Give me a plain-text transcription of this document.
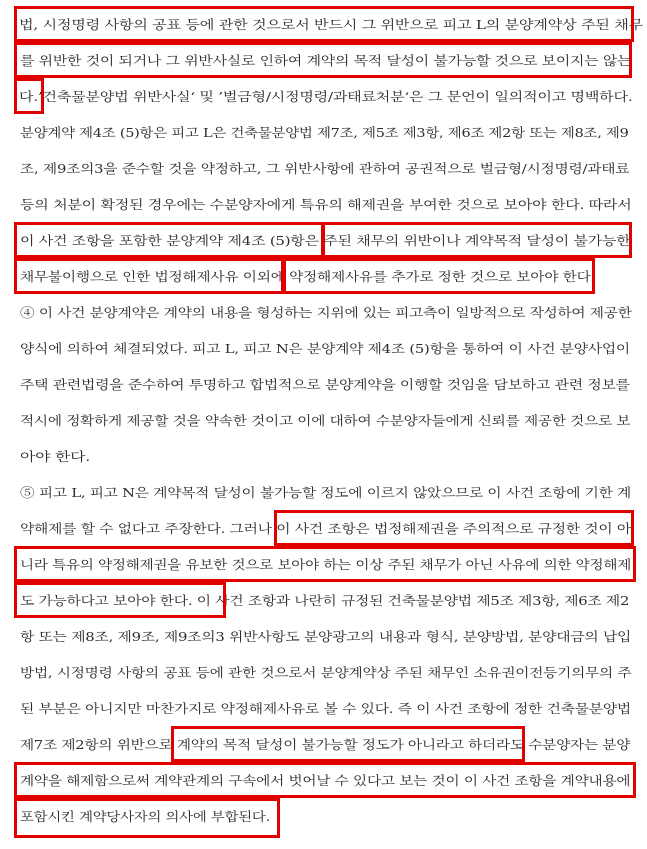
법, 시정명령 사항의 공표 등에 관한 것으로서 반드시 그 위반으로 피고 L의 분양계약상 주된 채무
를 위반한 것이 되거나 그 위반사실로 인하여 계약의 목적 달성이 불가능할 것으로 보이지는 않는
다.’건축물분양법 위반사실‘ 및 ’벌금형/시정명령/과태료처분‘은 그 문언이 일의적이고 명백하다.
분양계약 제4조 (5)항은 피고 L은 건축물분양법 제7조, 제5조 제3항, 제6조 제2항 또는 제8조, 제9
조, 제9조의3을 준수할 것을 약정하고, 그 위반사항에 관하여 공권적으로 벌금형/시정명령/과태료
등의 처분이 확정된 경우에는 수분양자에게 특유의 해제권을 부여한 것으로 보아야 한다. 따라서
이 사건 조항을 포함한 분양계약 제4조 (5)항은 주된 채무의 위반이나 계약목적 달성이 불가능한
채무불이행으로 인한 법정해제사유 이외에 약정해제사유를 추가로 정한 것으로 보아야 한다.
④ 이 사건 분양계약은 계약의 내용을 형성하는 지위에 있는 피고측이 일방적으로 작성하여 제공한
양식에 의하여 체결되었다. 피고 L, 피고 N은 분양계약 제4조 (5)항을 통하여 이 사건 분양사업이
주택 관련법령을 준수하여 투명하고 합법적으로 분양계약을 이행할 것임을 담보하고 관련 정보를
적시에 정확하게 제공할 것을 약속한 것이고 이에 대하여 수분양자들에게 신뢰를 제공한 것으로 보
아야 한다.
⑤ 피고 L, 피고 N은 계약목적 달성이 불가능할 정도에 이르지 않았으므로 이 사건 조항에 기한 계
약해제를 할 수 없다고 주장한다. 그러나 이 사건 조항은 법정해제권을 주의적으로 규정한 것이 아
니라 특유의 약정해제권을 유보한 것으로 보아야 하는 이상 주된 채무가 아닌 사유에 의한 약정해제
도 가능하다고 보아야 한다. 이 사건 조항과 나란히 규정된 건축물분양법 제5조 제3항, 제6조 제2
항 또는 제8조, 제9조, 제9조의3 위반사항도 분양광고의 내용과 형식, 분양방법, 분양대금의 납입
방법, 시정명령 사항의 공표 등에 관한 것으로서 분양계약상 주된 채무인 소유권이전등기의무의 주
된 부분은 아니지만 마찬가지로 약정해제사유로 볼 수 있다. 즉 이 사건 조항에 정한 건축물분양법
제7조 제2항의 위반으로 계약의 목적 달성이 불가능할 정도가 아니라고 하더라도 수분양자는 분양
계약을 해제함으로써 계약관계의 구속에서 벗어날 수 있다고 보는 것이 이 사건 조항을 계약내용에
포함시킨 계약당사자의 의사에 부합된다.
